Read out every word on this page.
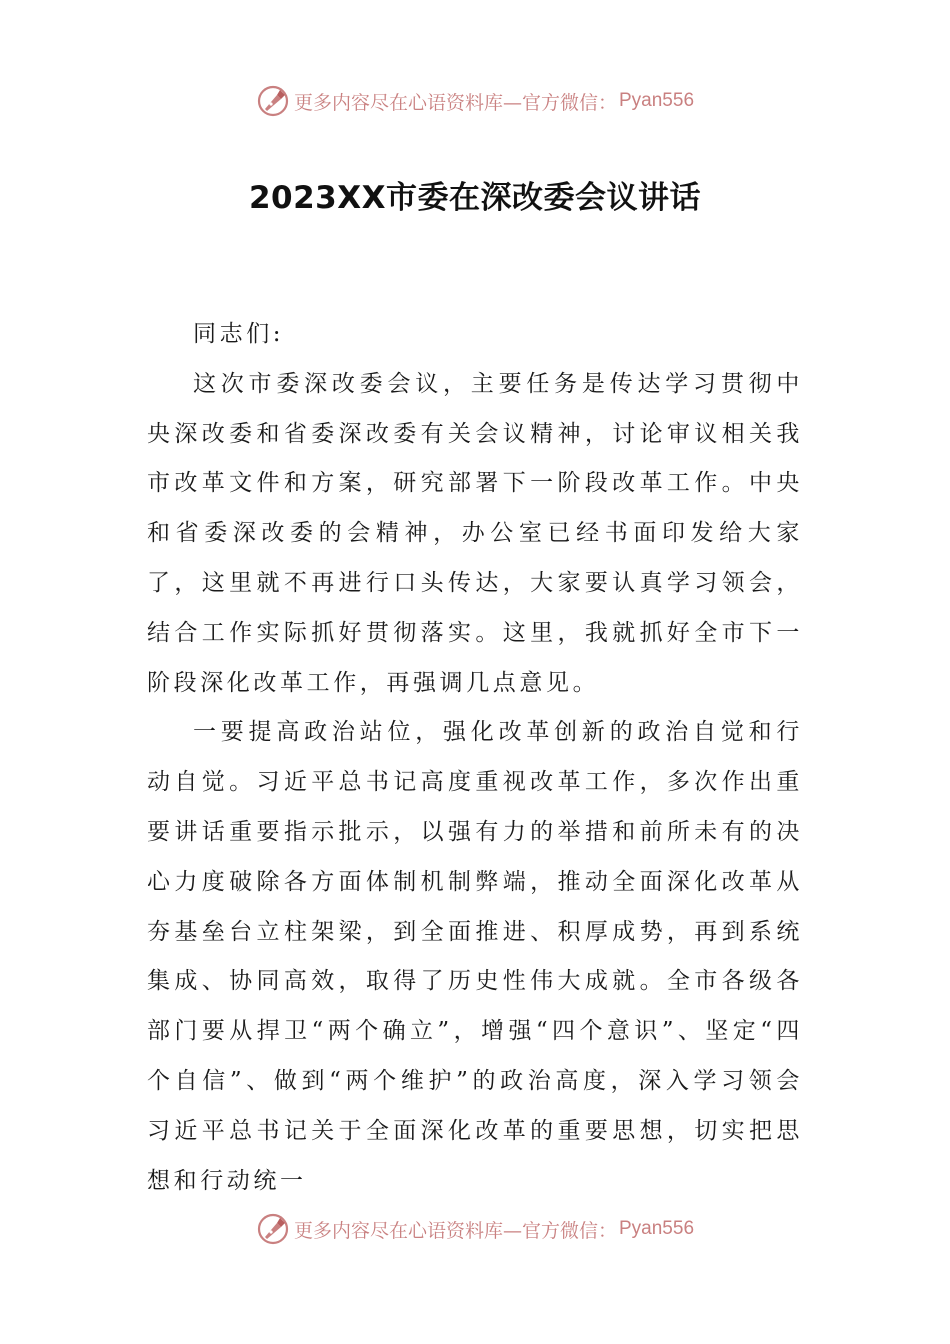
更多内容尽在心语资料库—官方微信： Pyan556
2023XX市委在深改委会议讲话

同志们:

这次市委深改委会议，主要任务是传达学习贯彻中央深改委和省委深改委有关会议精神，讨论审议相关我市改革文件和方案，研究部署下一阶段改革工作。中央和省委深改委的会精神，办公室已经书面印发给大家了，这里就不再进行口头传达，大家要认真学习领会，结合工作实际抓好贯彻落实。这里，我就抓好全市下一阶段深化改革工作，再强调几点意见。

一要提高政治站位，强化改革创新的政治自觉和行动自觉。习近平总书记高度重视改革工作，多次作出重要讲话重要指示批示，以强有力的举措和前所未有的决心力度破除各方面体制机制弊端，推动全面深化改革从夯基垒台立柱架梁，到全面推进、积厚成势，再到系统集成、协同高效，取得了历史性伟大成就。全市各级各部门要从捍卫“两个确立”，增强“四个意识”、坚定“四个自信”、做到“两个维护”的政治高度，深入学习领会习近平总书记关于全面深化改革的重要思想，切实把思想和行动统一

更多内容尽在心语资料库—官方微信： Pyan556
